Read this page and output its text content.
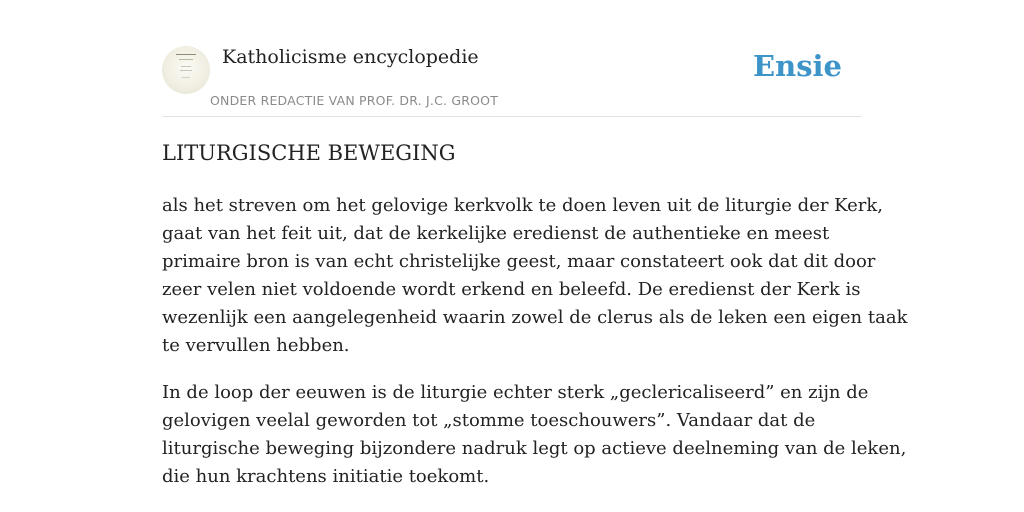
Katholicisme encyclopedie
ONDER REDACTIE VAN PROF. DR. J.C. GROOT
Ensie
LITURGISCHE BEWEGING

als het streven om het gelovige kerkvolk te doen leven uit de liturgie der Kerk,
gaat van het feit uit, dat de kerkelijke eredienst de authentieke en meest
primaire bron is van echt christelijke geest, maar constateert ook dat dit door
zeer velen niet voldoende wordt erkend en beleefd. De eredienst der Kerk is
wezenlijk een aangelegenheid waarin zowel de clerus als de leken een eigen taak
te vervullen hebben.

In de loop der eeuwen is de liturgie echter sterk „geclericaliseerd” en zijn de
gelovigen veelal geworden tot „stomme toeschouwers”. Vandaar dat de
liturgische beweging bijzondere nadruk legt op actieve deelneming van de leken,
die hun krachtens initiatie toekomt.
